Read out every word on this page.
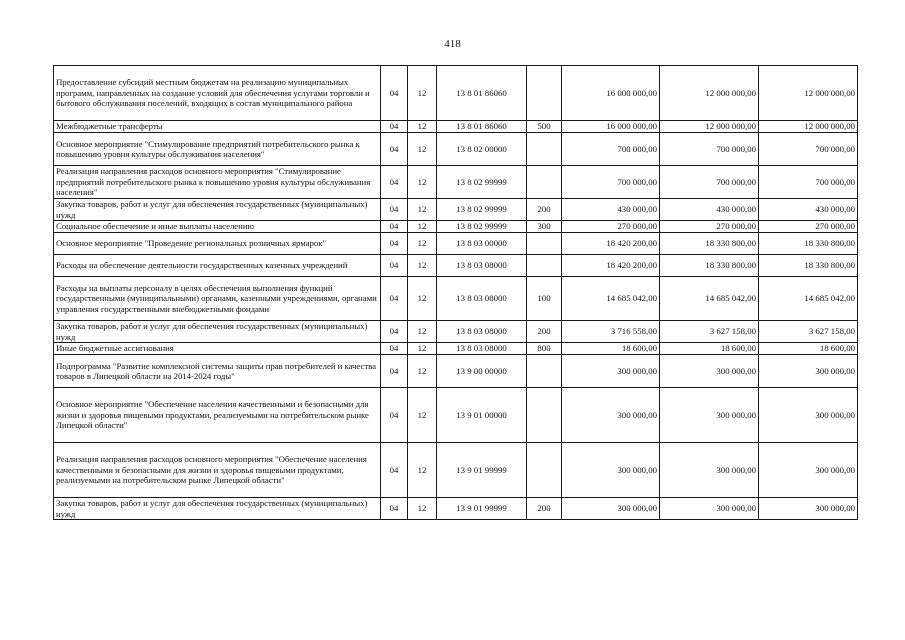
418
Предоставление субсидий местным бюджетам на реализацию муниципальных программ, направленных на создание условий для обеспечения услугами торговли и бытового обслуживания поселений, входящих в состав муниципального района	04	12	13 8 01 86060		16 000 000,00	12 000 000,00	12 000 000,00
Межбюджетные трансферты	04	12	13 8 01 86060	500	16 000 000,00	12 000 000,00	12 000 000,00
Основное мероприятие "Стимулирование предприятий потребительского рынка к повышению уровня культуры обслуживания населения"	04	12	13 8 02 00000		700 000,00	700 000,00	700 000,00
Реализация направления расходов основного мероприятия "Стимулирование предприятий потребительского рынка к повышению уровня культуры обслуживания населения"	04	12	13 8 02 99999		700 000,00	700 000,00	700 000,00
Закупка товаров, работ и услуг для обеспечения государственных (муниципальных) нужд	04	12	13 8 02 99999	200	430 000,00	430 000,00	430 000,00
Социальное обеспечение и иные выплаты населению	04	12	13 8 02 99999	300	270 000,00	270 000,00	270 000,00
Основное мероприятие "Проведение региональных розничных ярмарок"	04	12	13 8 03 00000		18 420 200,00	18 330 800,00	18 330 800,00
Расходы на обеспечение деятельности государственных казенных учреждений	04	12	13 8 03 08000		18 420 200,00	18 330 800,00	18 330 800,00
Расходы на выплаты персоналу в целях обеспечения выполнения функций государственными (муниципальными) органами, казенными учреждениями, органами управления государственными внебюджетными фондами	04	12	13 8 03 08000	100	14 685 042,00	14 685 042,00	14 685 042,00
Закупка товаров, работ и услуг для обеспечения государственных (муниципальных) нужд	04	12	13 8 03 08000	200	3 716 558,00	3 627 158,00	3 627 158,00
Иные бюджетные ассигнования	04	12	13 8 03 08000	800	18 600,00	18 600,00	18 600,00
Подпрограмма "Развитие комплексной системы защиты прав потребителей и качества товаров в Липецкой области на 2014-2024 годы"	04	12	13 9 00 00000		300 000,00	300 000,00	300 000,00
Основное мероприятие "Обеспечение населения качественными и безопасными для жизни и здоровья пищевыми продуктами, реализуемыми на потребительском рынке Липецкой области"	04	12	13 9 01 00000		300 000,00	300 000,00	300 000,00
Реализация направления расходов основного мероприятия "Обеспечение населения качественными и безопасными для жизни и здоровья пищевыми продуктами, реализуемыми на потребительском рынке Липецкой области"	04	12	13 9 01 99999		300 000,00	300 000,00	300 000,00
Закупка товаров, работ и услуг для обеспечения государственных (муниципальных) нужд	04	12	13 9 01 99999	200	300 000,00	300 000,00	300 000,00
